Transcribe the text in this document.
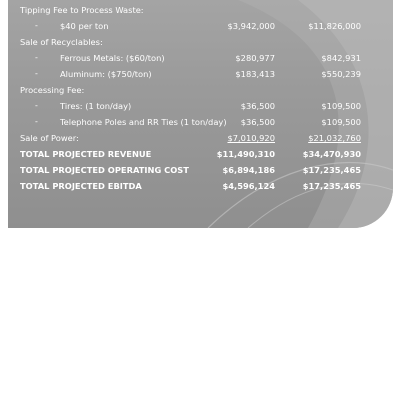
Tipping Fee to Process Waste:
-	$40 per ton	$3,942,000	$11,826,000
Sale of Recyclables:
-	Ferrous Metals: ($60/ton)	$280,977	$842,931
-	Aluminum: ($750/ton)	$183,413	$550,239
Processing Fee:
-	Tires: (1 ton/day)	$36,500	$109,500
-	Telephone Poles and RR Ties (1 ton/day) $36,500	$109,500
Sale of Power:	$7,010,920	$21,032,760
TOTAL PROJECTED REVENUE	$11,490,310	$34,470,930
TOTAL PROJECTED OPERATING COST	$6,894,186	$17,235,465
TOTAL PROJECTED EBITDA	$4,596,124	$17,235,465
